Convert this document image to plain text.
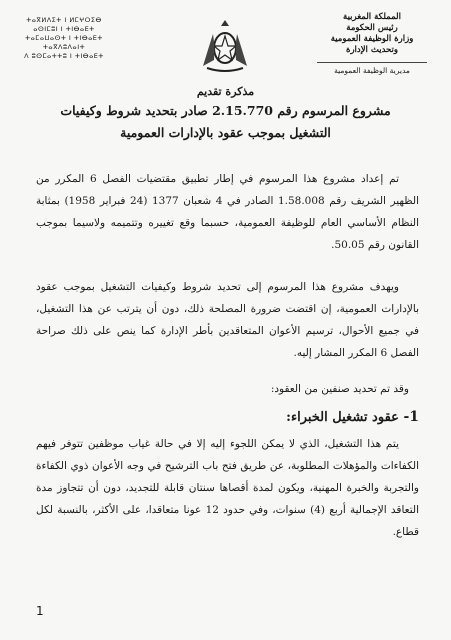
ⵜⴰⴳⵍⴷⵉⵜ ⵏ ⵍⵎⵖⵔⵉⴱ
ⴰⵙⵏⵎⵓⵏ ⵏ ⵜⵏⴱⴰⴹⵜ
ⵜⴰⵎⴰⵡⴰⵙⵜ ⵏ ⵜⵏⴱⴰⴹⵜ ⵜⴰⴳⴷⵓⴷⴰⵏⵜ
ⴷ ⵓⵙⵎⴰⵜⵜⵓ ⵏ ⵜⵏⴱⴰⴹⵜ
المملكة المغربية
رئيس الحكومة
وزارة الوظيفة العمومية
وتحديث الإدارة
مديرية الوظيفة العمومية
مذكرة تقديم
مشروع المرسوم رقم 2.15.770 صادر بتحديد شروط وكيفيات
التشغيل بموجب عقود بالإدارات العمومية

تم إعداد مشروع هذا المرسوم في إطار تطبيق مقتضيات الفصل 6 المكرر من الظهير الشريف رقم 1.58.008 الصادر في 4 شعبان 1377 (24 فبراير 1958) بمثابة النظام الأساسي العام للوظيفة العمومية، حسبما وقع تغييره وتتميمه ولاسيما بموجب القانون رقم 50.05.

ويهدف مشروع هذا المرسوم إلى تحديد شروط وكيفيات التشغيل بموجب عقود بالإدارات العمومية، إن اقتضت ضرورة المصلحة ذلك، دون أن يترتب عن هذا التشغيل، في جميع الأحوال، ترسيم الأعوان المتعاقدين بأطر الإدارة كما ينص على ذلك صراحة الفصل 6 المكرر المشار إليه.

وقد تم تحديد صنفين من العقود:

1- عقود تشغيل الخبراء:

يتم هذا التشغيل، الذي لا يمكن اللجوء إليه إلا في حالة غياب موظفين تتوفر فيهم الكفاءات والمؤهلات المطلوبة، عن طريق فتح باب الترشيح في وجه الأعوان ذوي الكفاءة والتجربة والخبرة المهنية، ويكون لمدة أقصاها سنتان قابلة للتجديد، دون أن تتجاوز مدة التعاقد الإجمالية أربع (4) سنوات، وفي حدود 12 عونا متعاقدا، على الأكثر، بالنسبة لكل قطاع.

1
